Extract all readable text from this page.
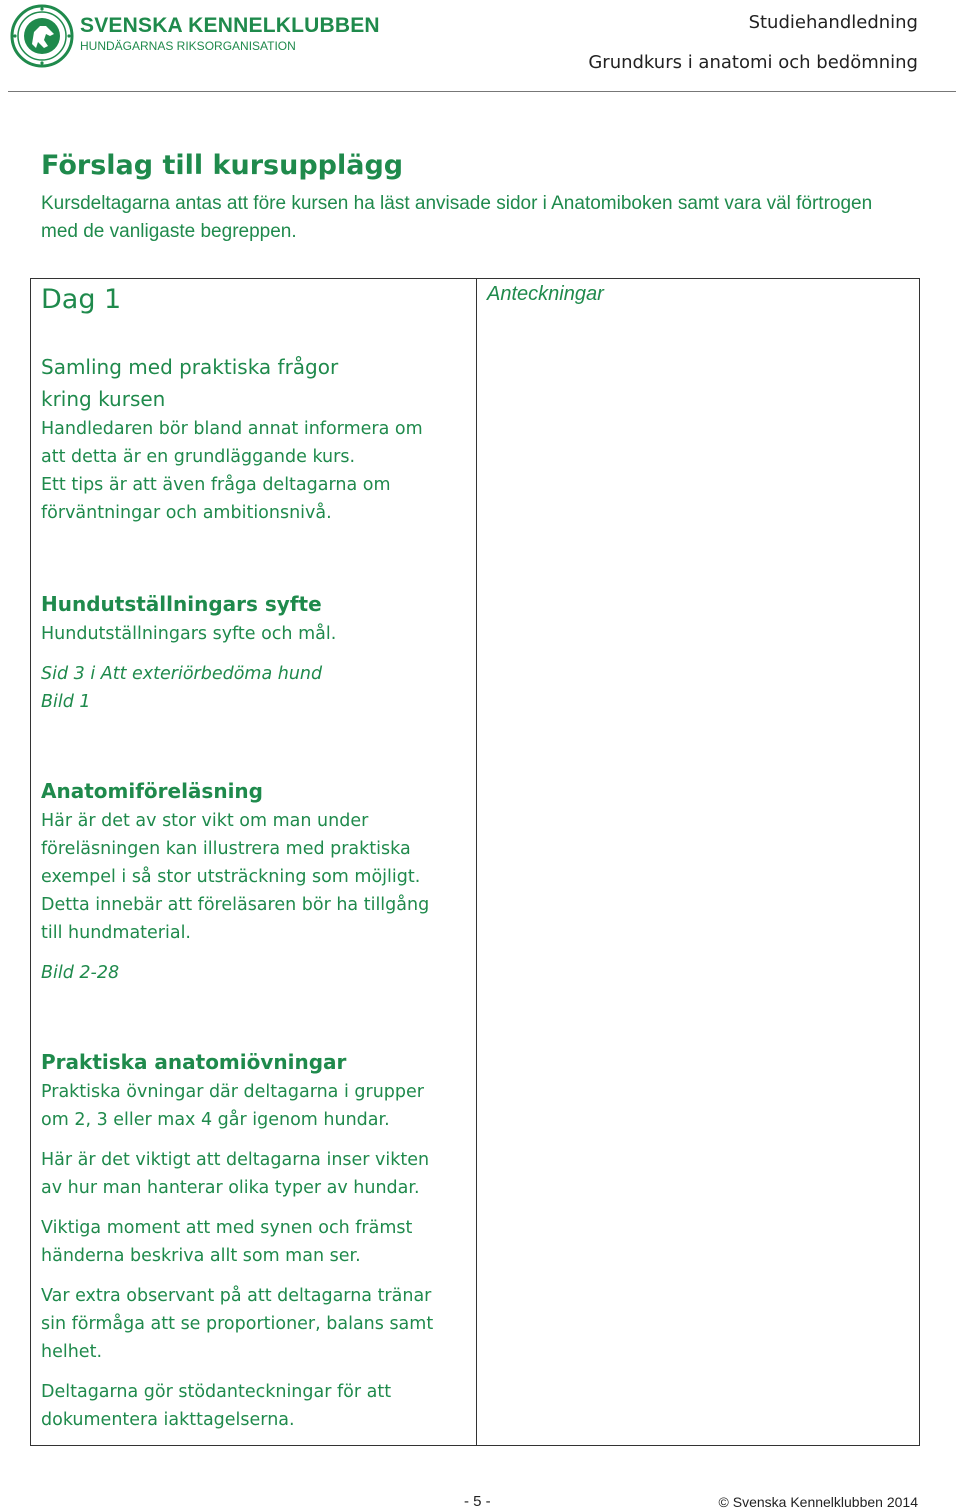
SVENSKA KENNELKLUBBEN
HUNDÄGARNAS RIKSORGANISATION
Studiehandledning
Grundkurs i anatomi och bedömning
Förslag till kursupplägg
Kursdeltagarna antas att före kursen ha läst anvisade sidor i Anatomiboken samt vara väl förtrogen med de vanligaste begreppen.
Anteckningar
Dag 1
Samling med praktiska frågor
kring kursen
Handledaren bör bland annat informera om
att detta är en grundläggande kurs.
Ett tips är att även fråga deltagarna om
förväntningar och ambitionsnivå.
Hundutställningars syfte
Hundutställningars syfte och mål.
Sid 3 i Att exteriörbedöma hund
Bild 1
Anatomiföreläsning
Här är det av stor vikt om man under
föreläsningen kan illustrera med praktiska
exempel i så stor utsträckning som möjligt.
Detta innebär att föreläsaren bör ha tillgång
till hundmaterial.
Bild 2-28
Praktiska anatomiövningar
Praktiska övningar där deltagarna i grupper
om 2, 3 eller max 4 går igenom hundar.
Här är det viktigt att deltagarna inser vikten
av hur man hanterar olika typer av hundar.
Viktiga moment att med synen och främst
händerna beskriva allt som man ser.
Var extra observant på att deltagarna tränar
sin förmåga att se proportioner, balans samt
helhet.
Deltagarna gör stödanteckningar för att
dokumentera iakttagelserna.
- 5 -	© Svenska Kennelklubben 2014
